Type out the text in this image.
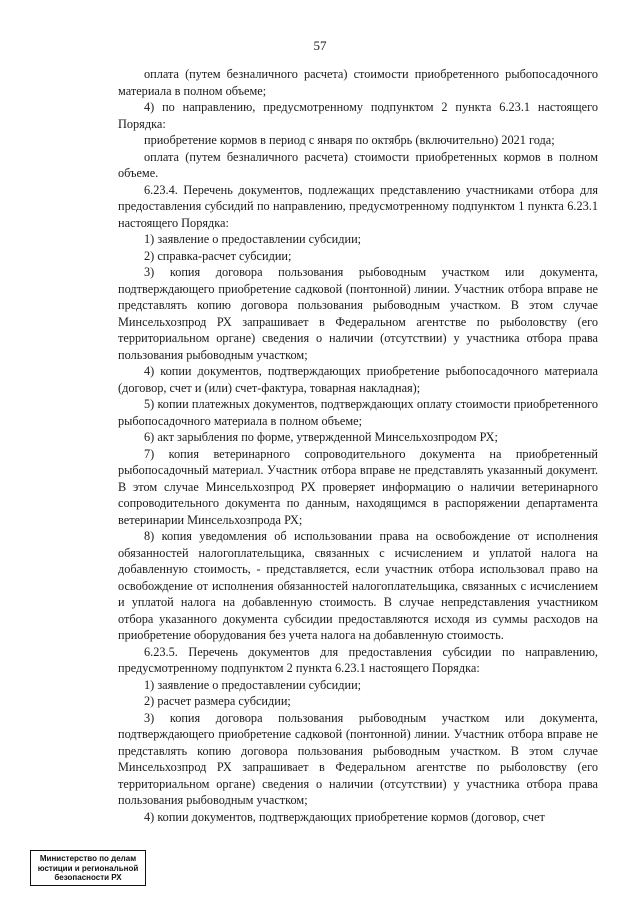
57

оплата (путем безналичного расчета) стоимости приобретенного рыбопосадочного материала в полном объеме;

4) по направлению, предусмотренному подпунктом 2 пункта 6.23.1 настоящего Порядка:

приобретение кормов в период с января по октябрь (включительно) 2021 года;

оплата (путем безналичного расчета) стоимости приобретенных кормов в полном объеме.

6.23.4. Перечень документов, подлежащих представлению участниками отбора для предоставления субсидий по направлению, предусмотренному подпунктом 1 пункта 6.23.1 настоящего Порядка:

1) заявление о предоставлении субсидии;

2) справка-расчет субсидии;

3) копия договора пользования рыбоводным участком или документа, подтверждающего приобретение садковой (понтонной) линии. Участник отбора вправе не представлять копию договора пользования рыбоводным участком. В этом случае Минсельхозпрод РХ запрашивает в Федеральном агентстве по рыболовству (его территориальном органе) сведения о наличии (отсутствии) у участника отбора права пользования рыбоводным участком;

4) копии документов, подтверждающих приобретение рыбопосадочного материала (договор, счет и (или) счет-фактура, товарная накладная);

5) копии платежных документов, подтверждающих оплату стоимости приобретенного рыбопосадочного материала в полном объеме;

6) акт зарыбления по форме, утвержденной Минсельхозпродом РХ;

7) копия ветеринарного сопроводительного документа на приобретенный рыбопосадочный материал. Участник отбора вправе не представлять указанный документ. В этом случае Минсельхозпрод РХ проверяет информацию о наличии ветеринарного сопроводительного документа по данным, находящимся в распоряжении департамента ветеринарии Минсельхозпрода РХ;

8) копия уведомления об использовании права на освобождение от исполнения обязанностей налогоплательщика, связанных с исчислением и уплатой налога на добавленную стоимость, - представляется, если участник отбора использовал право на освобождение от исполнения обязанностей налогоплательщика, связанных с исчислением и уплатой налога на добавленную стоимость. В случае непредставления участником отбора указанного документа субсидии предоставляются исходя из суммы расходов на приобретение оборудования без учета налога на добавленную стоимость.

6.23.5. Перечень документов для предоставления субсидии по направлению, предусмотренному подпунктом 2 пункта 6.23.1 настоящего Порядка:

1) заявление о предоставлении субсидии;

2) расчет размера субсидии;

3) копия договора пользования рыбоводным участком или документа, подтверждающего приобретение садковой (понтонной) линии. Участник отбора вправе не представлять копию договора пользования рыбоводным участком. В этом случае Минсельхозпрод РХ запрашивает в Федеральном агентстве по рыболовству (его территориальном органе) сведения о наличии (отсутствии) у участника отбора права пользования рыбоводным участком;

4) копии документов, подтверждающих приобретение кормов (договор, счет

Министерство по делам
юстиции и региональной
безопасности РХ
